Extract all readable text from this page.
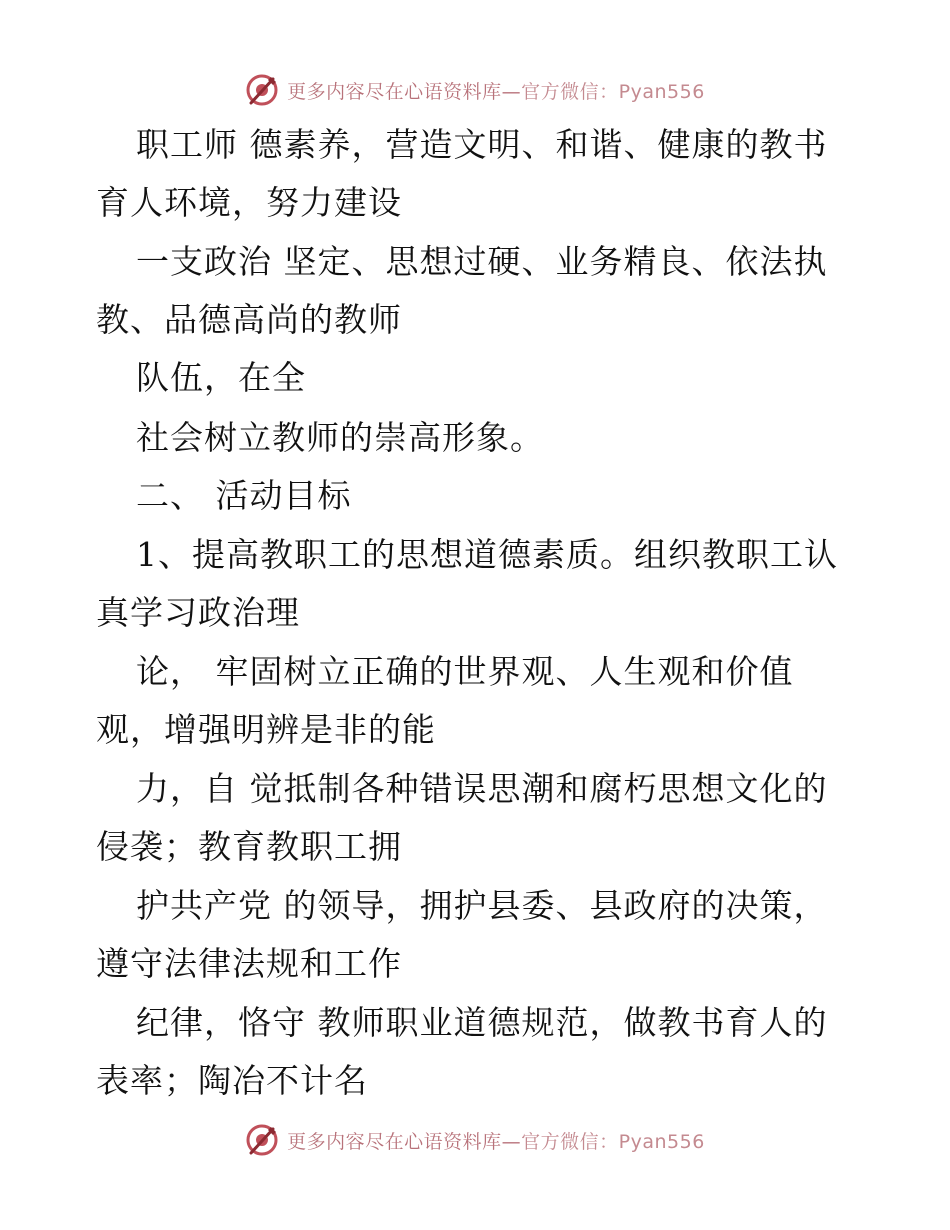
更多内容尽在心语资料库—官方微信：Pyan556
职工师 德素养，营造文明、和谐、健康的教书
育人环境，努力建设
一支政治 坚定、思想过硬、业务精良、依法执
教、品德高尚的教师
队伍，在全
社会树立教师的崇高形象。
二、 活动目标
1、提高教职工的思想道德素质。组织教职工认
真学习政治理
论， 牢固树立正确的世界观、人生观和价值
观，增强明辨是非的能
力，自 觉抵制各种错误思潮和腐朽思想文化的
侵袭；教育教职工拥
护共产党 的领导，拥护县委、县政府的决策，
遵守法律法规和工作
纪律，恪守 教师职业道德规范，做教书育人的
表率；陶冶不计名
更多内容尽在心语资料库—官方微信：Pyan556
